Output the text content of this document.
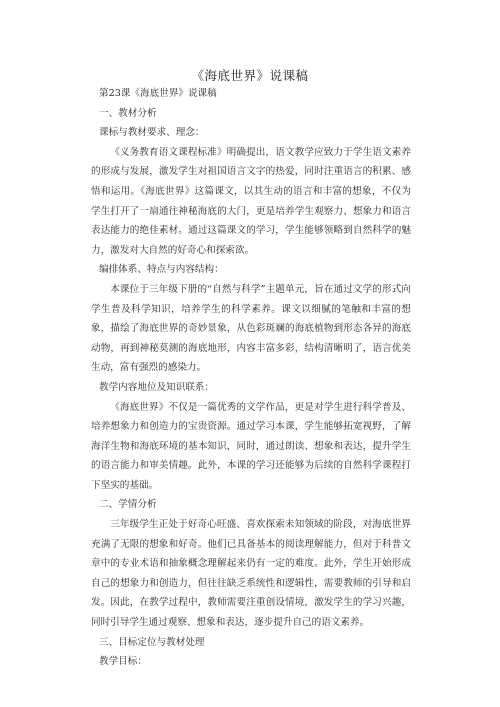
《海底世界》说课稿

第23课《海底世界》说课稿

一、教材分析

课标与教材要求、理念：

《义务教育语文课程标准》明确提出，语文教学应致力于学生语文素养的形成与发展，激发学生对祖国语言文字的热爱，同时注重语言的积累、感悟和运用。《海底世界》这篇课文，以其生动的语言和丰富的想象，不仅为学生打开了一扇通往神秘海底的大门，更是培养学生观察力、想象力和语言表达能力的绝佳素材。通过这篇课文的学习，学生能够领略到自然科学的魅力，激发对大自然的好奇心和探索欲。

编排体系、特点与内容结构：

本课位于三年级下册的“自然与科学”主题单元，旨在通过文学的形式向学生普及科学知识，培养学生的科学素养。课文以细腻的笔触和丰富的想象，描绘了海底世界的奇妙景象，从色彩斑斓的海底植物到形态各异的海底动物，再到神秘莫测的海底地形，内容丰富多彩，结构清晰明了，语言优美生动，富有强烈的感染力。

教学内容地位及知识联系：

《海底世界》不仅是一篇优秀的文学作品，更是对学生进行科学普及、培养想象力和创造力的宝贵资源。通过学习本课，学生能够拓宽视野，了解海洋生物和海底环境的基本知识，同时，通过朗读、想象和表达，提升学生的语言能力和审美情趣。此外，本课的学习还能够为后续的自然科学课程打下坚实的基础。

二、学情分析

三年级学生正处于好奇心旺盛、喜欢探索未知领域的阶段，对海底世界充满了无限的想象和好奇。他们已具备基本的阅读理解能力，但对于科普文章中的专业术语和抽象概念理解起来仍有一定的难度。此外，学生开始形成自己的想象力和创造力，但往往缺乏系统性和逻辑性，需要教师的引导和启发。因此，在教学过程中，教师需要注重创设情境，激发学生的学习兴趣，同时引导学生通过观察、想象和表达，逐步提升自己的语文素养。

三、目标定位与教材处理

教学目标：
